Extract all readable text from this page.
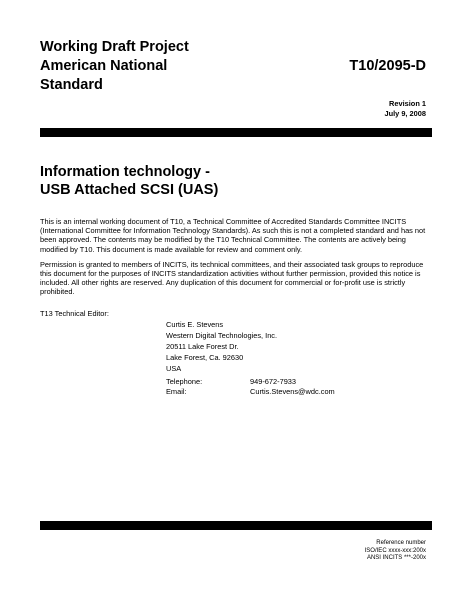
Working Draft Project
American National
Standard
T10/2095-D
Revision 1
July 9, 2008
Information technology -
USB Attached SCSI (UAS)

This is an internal working document of T10, a Technical Committee of Accredited Standards Committee INCITS (International Committee for Information Technology Standards). As such this is not a completed standard and has not been approved. The contents may be modified by the T10 Technical Committee. The contents are actively being modified by T10. This document is made available for review and comment only.

Permission is granted to members of INCITS, its technical committees, and their associated task groups to reproduce this document for the purposes of INCITS standardization activities without further permission, provided this notice is included. All other rights are reserved. Any duplication of this document for commercial or for-profit use is strictly prohibited.

T13 Technical Editor:
Curtis E. Stevens
Western Digital Technologies, Inc.
20511 Lake Forest Dr.
Lake Forest, Ca. 92630
USA
Telephone:	949-672-7933
Email:	Curtis.Stevens@wdc.com
Reference number
ISO/IEC xxxx-xxx:200x
ANSI INCITS ***-200x
